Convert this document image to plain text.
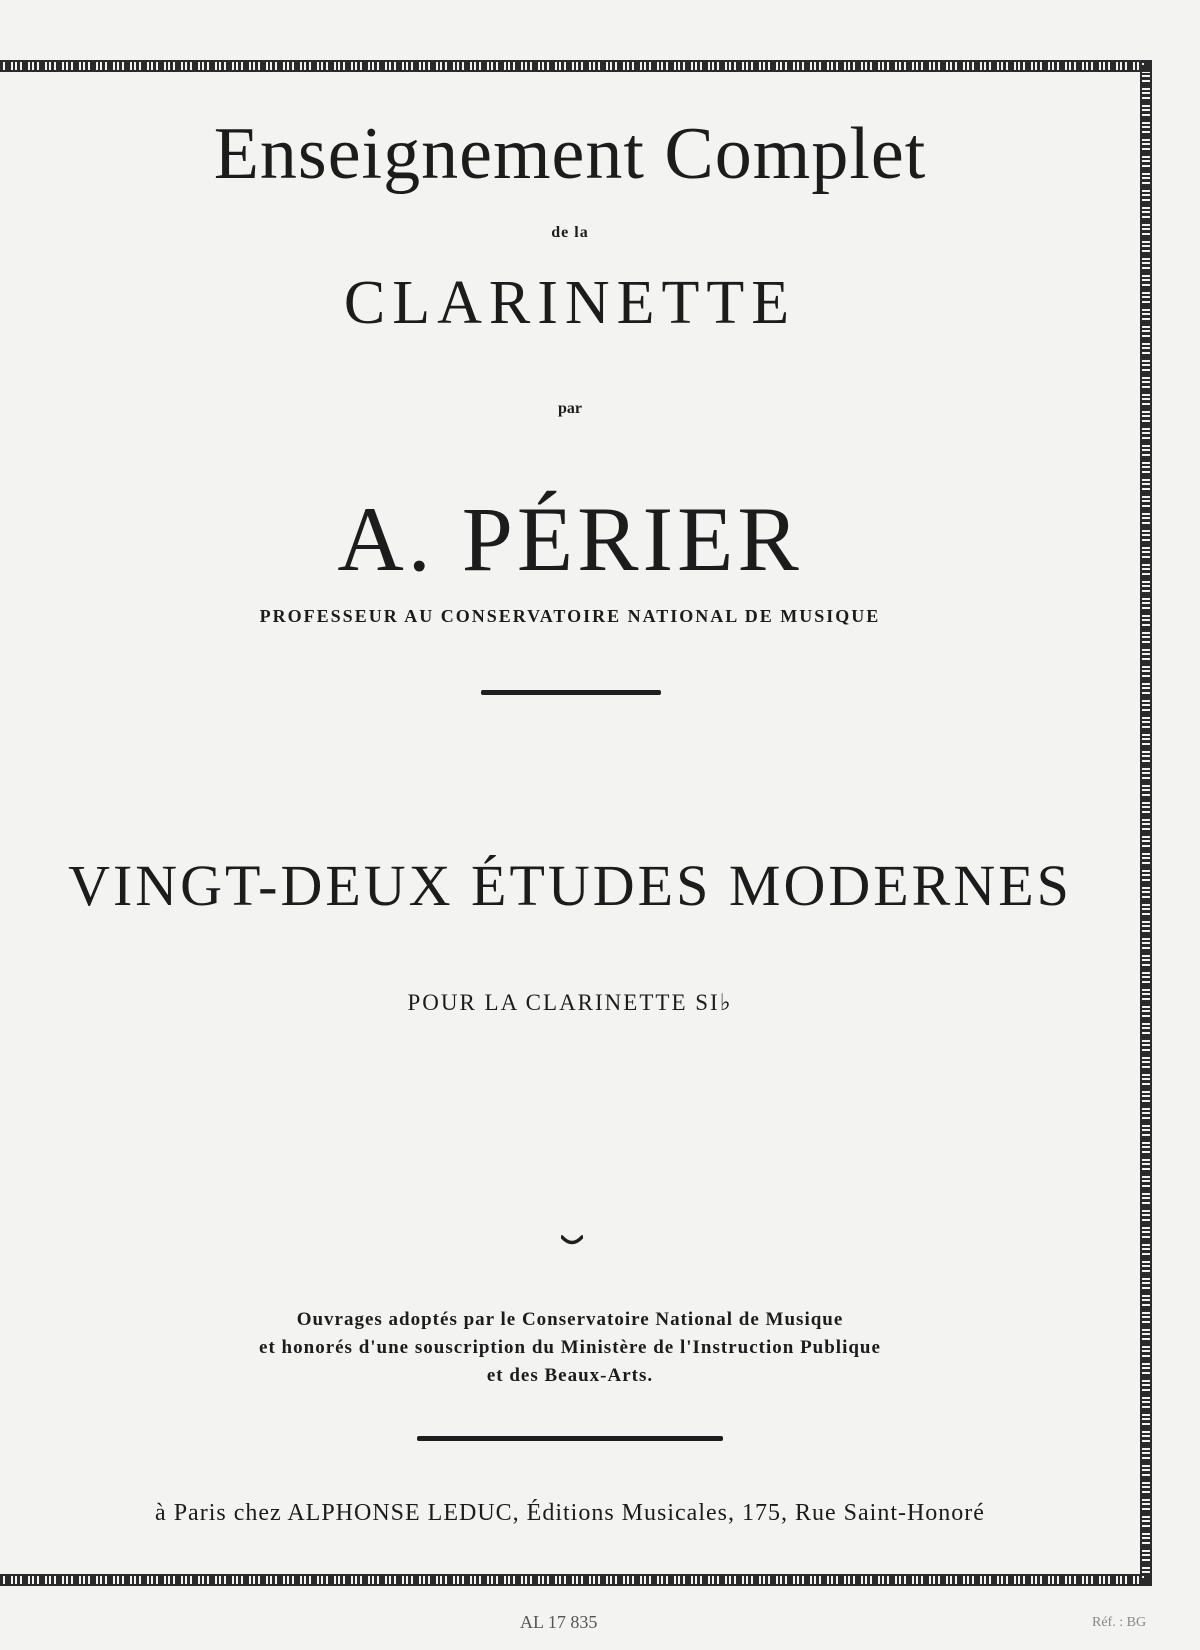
Enseignement Complet
de la
CLARINETTE
par
A. PÉRIER
PROFESSEUR AU CONSERVATOIRE NATIONAL DE MUSIQUE
VINGT-DEUX ÉTUDES MODERNES
POUR LA CLARINETTE SI♭
Ouvrages adoptés par le Conservatoire National de Musique
et honorés d'une souscription du Ministère de l'Instruction Publique
et des Beaux-Arts.
à Paris chez ALPHONSE LEDUC, Éditions Musicales, 175, Rue Saint-Honoré
AL 17 835	Réf. : BG
